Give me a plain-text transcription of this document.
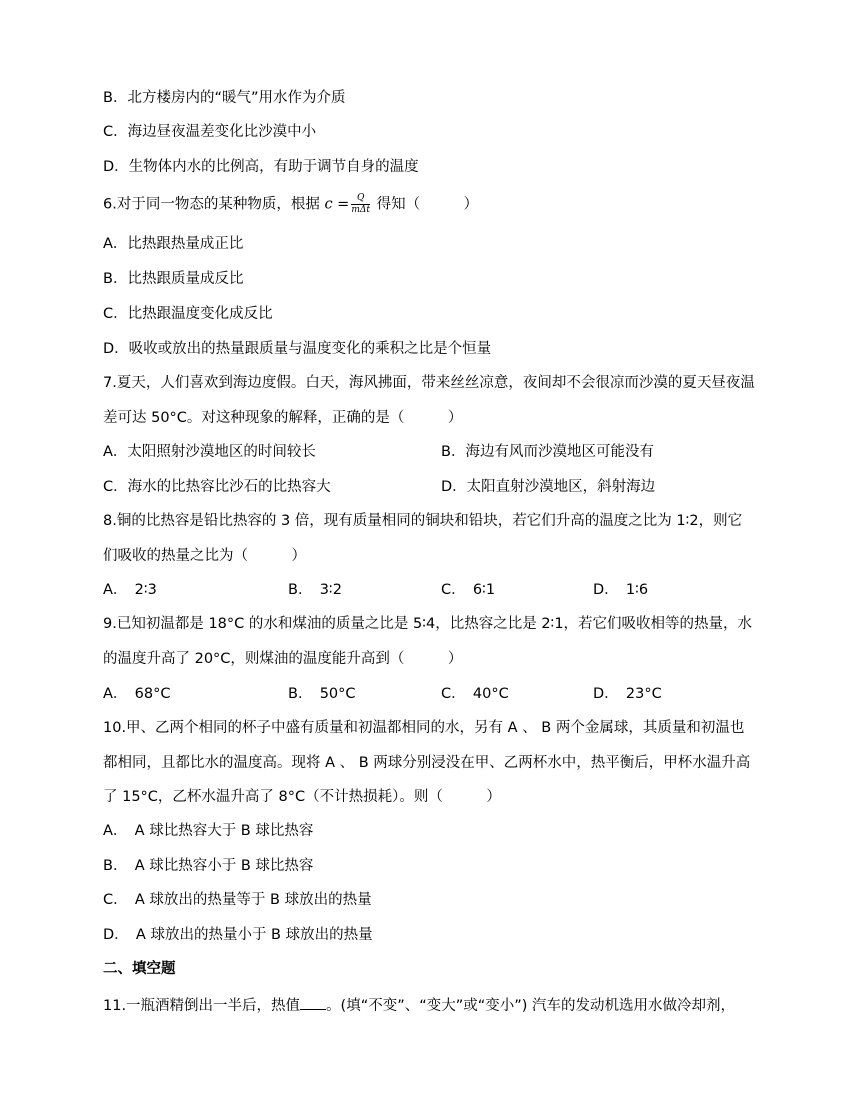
B．北方楼房内的“暖气”用水作为介质
C．海边昼夜温差变化比沙漠中小
D．生物体内水的比例高，有助于调节自身的温度
6.对于同一物态的某种物质，根据 $c = \frac{Q}{\text{mΔt}}$ 得知（　　　）
A．比热跟热量成正比
B．比热跟质量成反比
C．比热跟温度变化成反比
D．吸收或放出的热量跟质量与温度变化的乘积之比是个恒量
7.夏天，人们喜欢到海边度假。白天，海风拂面，带来丝丝凉意，夜间却不会很凉而沙漠的夏天昼夜温
差可达 50°C。对这种现象的解释，正确的是（　　　）
A．太阳照射沙漠地区的时间较长	B．海边有风而沙漠地区可能没有
C．海水的比热容比沙石的比热容大	D．太阳直射沙漠地区，斜射海边
8.铜的比热容是铅比热容的 3 倍，现有质量相同的铜块和铅块，若它们升高的温度之比为 1∶2，则它
们吸收的热量之比为（　　　）
A．　2∶3	B．　3∶2	C．　6∶1	D．　1∶6
9.已知初温都是 18°C 的水和煤油的质量之比是 5∶4，比热容之比是 2∶1，若它们吸收相等的热量，水
的温度升高了 20°C，则煤油的温度能升高到（　　　）
A．　68°C	B．　50°C	C．　40°C	D．　23°C
10.甲、乙两个相同的杯子中盛有质量和初温都相同的水，另有 A 、 B 两个金属球，其质量和初温也
都相同，且都比水的温度高。现将 A 、 B 两球分别浸没在甲、乙两杯水中，热平衡后，甲杯水温升高
了 15°C，乙杯水温升高了 8°C（不计热损耗）。则（　　　）
A．　A 球比热容大于 B 球比热容
B．　A 球比热容小于 B 球比热容
C．　A 球放出的热量等于 B 球放出的热量
D．　A 球放出的热量小于 B 球放出的热量
二、填空题
11.一瓶酒精倒出一半后，热值 。(填“不变”、“变大”或“变小”) 汽车的发动机选用水做冷却剂，
